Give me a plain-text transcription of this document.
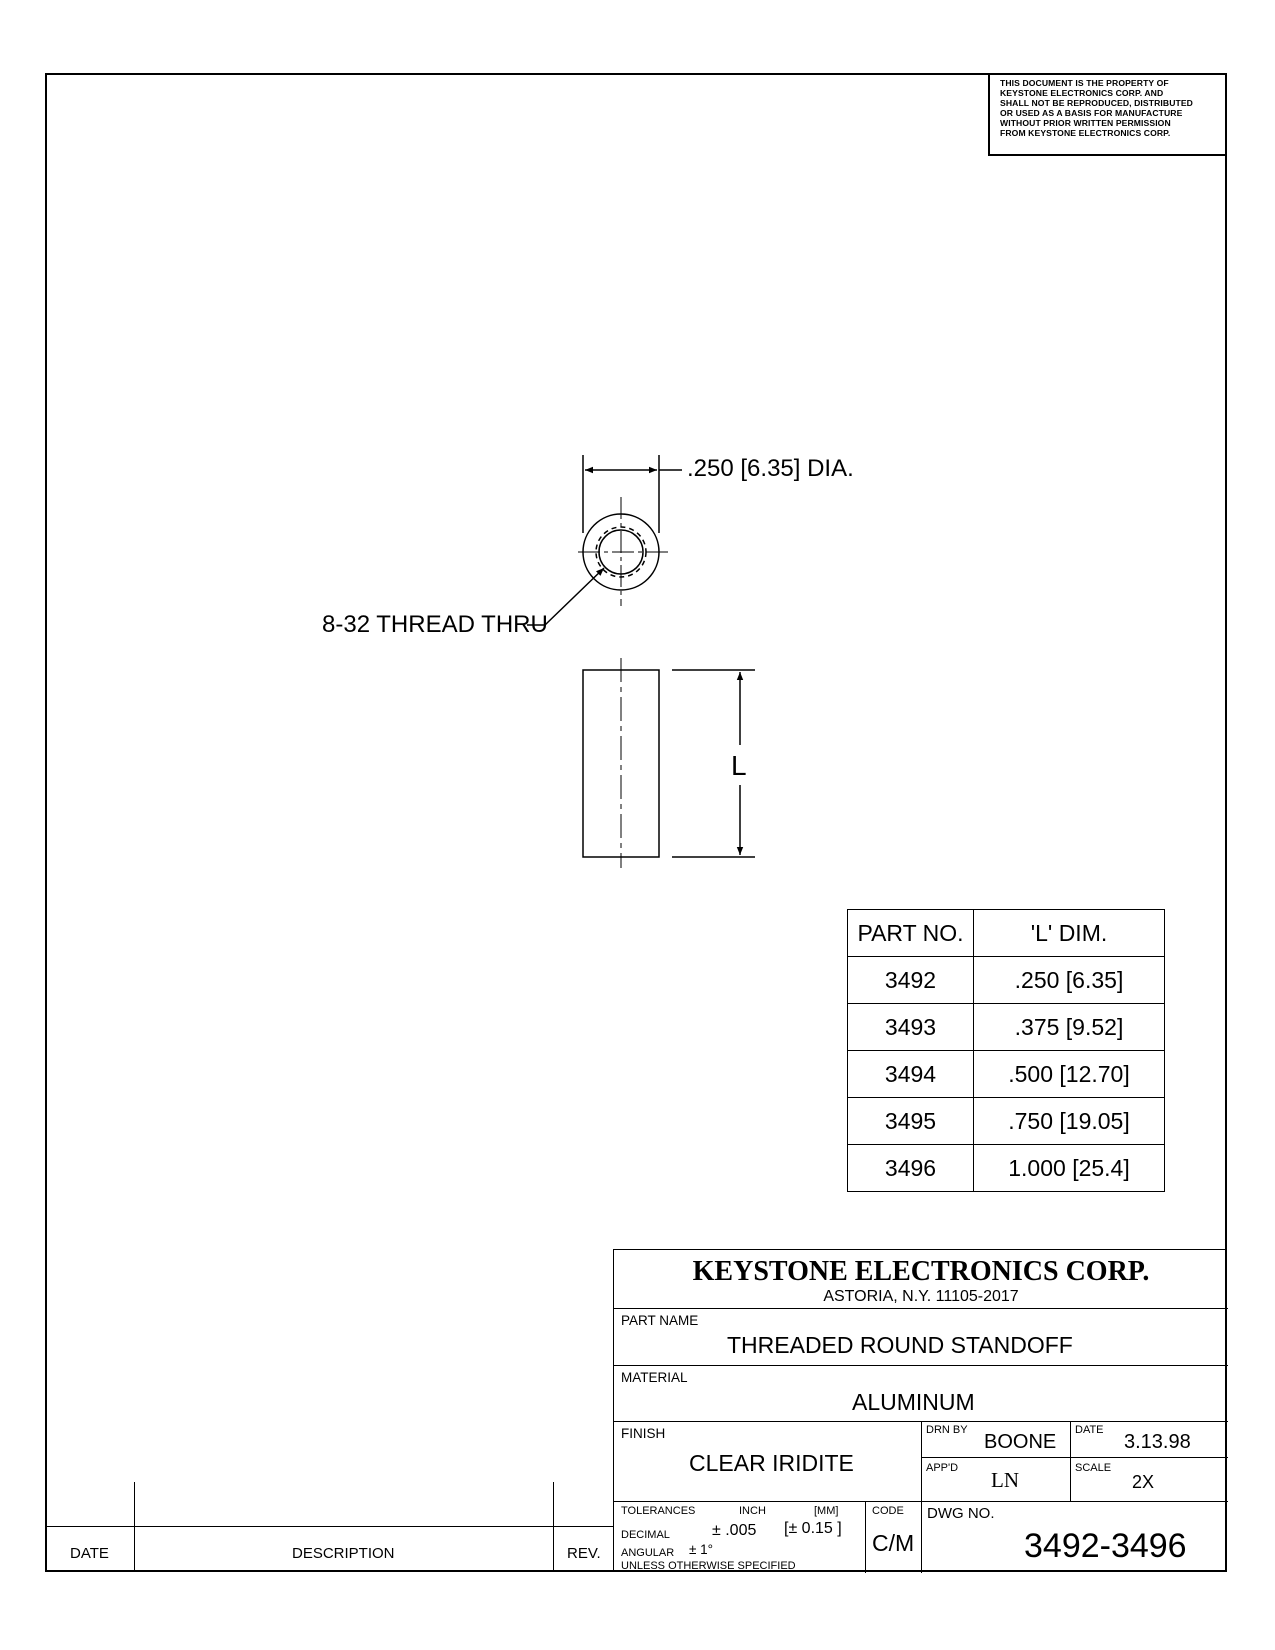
THIS DOCUMENT IS THE PROPERTY OF
KEYSTONE ELECTRONICS CORP. AND
SHALL NOT BE REPRODUCED, DISTRIBUTED
OR USED AS A BASIS FOR MANUFACTURE
WITHOUT PRIOR WRITTEN PERMISSION
FROM KEYSTONE ELECTRONICS CORP.
.250 [6.35] DIA.
8-32 THREAD THRU
L
PART NO.	'L' DIM.
3492	.250 [6.35]
3493	.375 [9.52]
3494	.500 [12.70]
3495	.750 [19.05]
3496	1.000 [25.4]
DATE	DESCRIPTION	REV.
KEYSTONE ELECTRONICS CORP.
ASTORIA, N.Y. 11105-2017
PART NAME
THREADED ROUND STANDOFF
MATERIAL
ALUMINUM
FINISH
CLEAR IRIDITE
DRN BY
BOONE
DATE
3.13.98
APP'D LN	SCALE
2X
TOLERANCES	INCH	[MM]	CODE
DECIMAL	± .005 [± 0.15 ]
ANGULAR ± 1°
UNLESS OTHERWISE SPECIFIED
C/M
DWG NO.
3492-3496
